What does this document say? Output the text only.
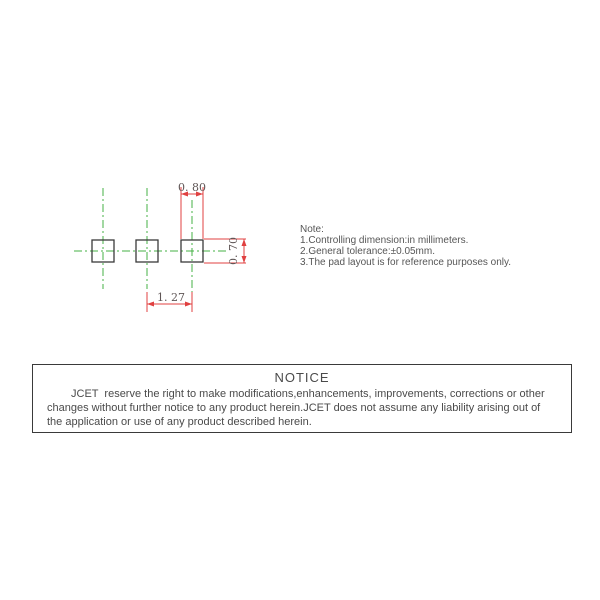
0. 80
0. 70
1. 27
Note:
1.Controlling dimension:in millimeters.
2.General tolerance:±0.05mm.
3.The pad layout is for reference purposes only.
NOTICE
JCET  reserve the right to make modifications,enhancements, improvements, corrections or other changes without further notice to any product herein.JCET does not assume any liability arising out of the application or use of any product described herein.
